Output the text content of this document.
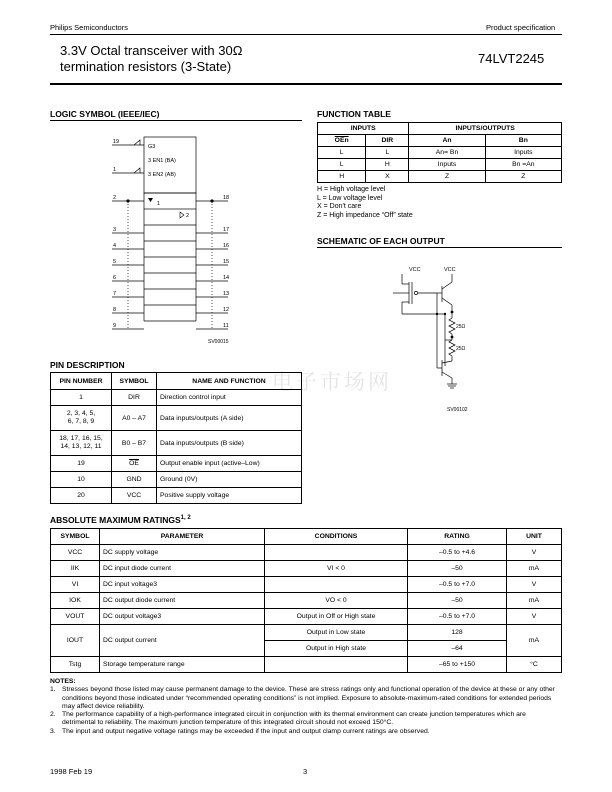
Philips Semiconductors	Product specification
3.3V Octal transceiver with 30Ω
termination resistors (3-State)
74LVT2245
LOGIC SYMBOL (IEEE/IEC)
G3
3 EN1 (BA)
3 EN2 (AB)
1
2
19
1
2
3
4
5
6
7
8
9
18
17
16
15
14
13
12
11
SV00015
FUNCTION TABLE
INPUTS		INPUTS/OUTPUTS	
$\overline{OEn}$	DIR	An	Bn
L	L	An= Bn	Inputs
L	H	Inputs	Bn =An
H	X	Z	Z
H = High voltage level
L = Low voltage level
X = Don't care
Z = High impedance “Off” state
SCHEMATIC OF EACH OUTPUT
VCC	VCC
25Ω
25Ω
SV00102
电子市场网
PIN DESCRIPTION
PIN NUMBER	SYMBOL	NAME AND FUNCTION
1	DIR	Direction control input
2, 3, 4, 5,
6, 7, 8, 9	A0 – A7	Data inputs/outputs (A side)
18, 17, 16, 15,
14, 13, 12, 11	B0 – B7	Data inputs/outputs (B side)
19	$\overline{OE}$	Output enable input (active–Low)
10	GND	Ground (0V)
20	VCC	Positive supply voltage
ABSOLUTE MAXIMUM RATINGS$^{1, 2}$
SYMBOL	PARAMETER	CONDITIONS	RATING	UNIT
VCC	DC supply voltage		–0.5 to +4.6	V
IIK	DC input diode current	VI < 0	–50	mA
VI	DC input voltage3		–0.5 to +7.0	V
IOK	DC output diode current	VO < 0	–50	mA
VOUT	DC output voltage3	Output in Off or High state	–0.5 to +7.0	V
IOUT	DC output current	Output in Low state	128	mA
		Output in High state	–64	
Tstg	Storage temperature range		–65 to +150	°C

NOTES:

1. Stresses beyond those listed may cause permanent damage to the device. These are stress ratings only and functional operation of the device at these or any other conditions beyond those indicated under “recommended operating conditions” is not implied. Exposure to absolute-maximum-rated conditions for extended periods may affect device reliability.

2. The performance capability of a high-performance integrated circuit in conjunction with its thermal environment can create junction temperatures which are detrimental to reliability. The maximum junction temperature of this integrated circuit should not exceed 150°C.

3. The input and output negative voltage ratings may be exceeded if the input and output clamp current ratings are observed.

1998 Feb 19	3
